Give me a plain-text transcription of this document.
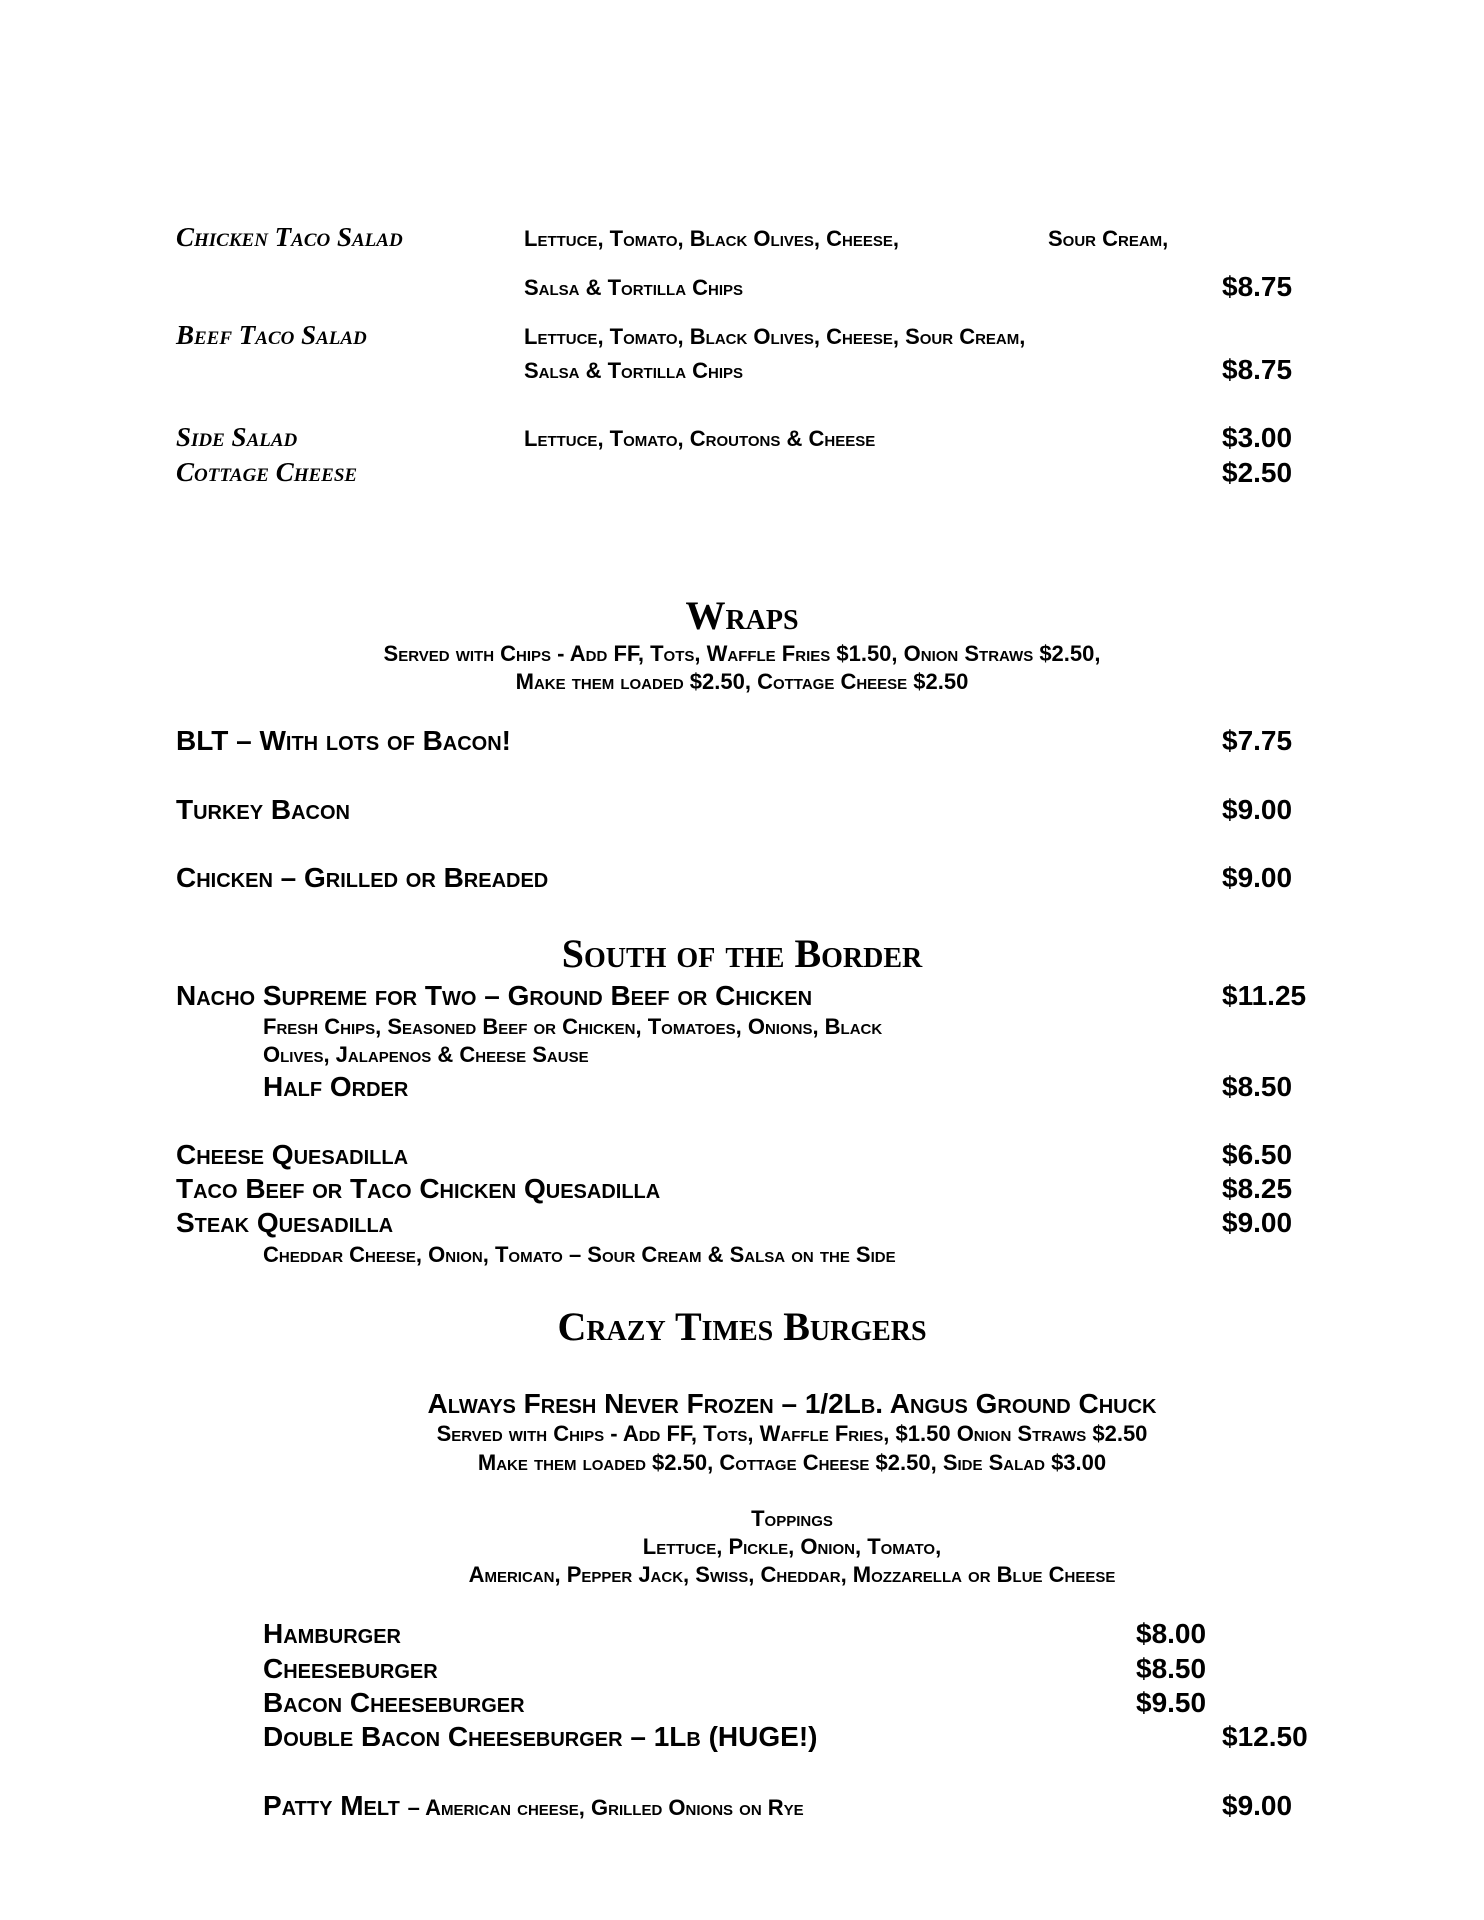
Chicken Taco Salad	Lettuce, Tomato, Black Olives, Cheese,	Sour Cream,
Salsa & Tortilla Chips	$8.75
Beef Taco Salad	Lettuce, Tomato, Black Olives, Cheese, Sour Cream,
Salsa & Tortilla Chips	$8.75
Side Salad	Lettuce, Tomato, Croutons & Cheese	$3.00
Cottage Cheese	$2.50
Wraps
Served with Chips - Add FF, Tots, Waffle Fries $1.50, Onion Straws $2.50,
Make them loaded $2.50, Cottage Cheese $2.50
BLT – With lots of Bacon!	$7.75
Turkey Bacon	$9.00
Chicken – Grilled or Breaded	$9.00
South of the Border
Nacho Supreme for Two – Ground Beef or Chicken	$11.25
Fresh Chips, Seasoned Beef or Chicken, Tomatoes, Onions, Black
Olives, Jalapenos & Cheese Sause
Half Order	$8.50
Cheese Quesadilla	$6.50
Taco Beef or Taco Chicken Quesadilla	$8.25
Steak Quesadilla	$9.00
Cheddar Cheese, Onion, Tomato – Sour Cream & Salsa on the Side
Crazy Times Burgers
Always Fresh Never Frozen – 1/2Lb. Angus Ground Chuck
Served with Chips - Add FF, Tots, Waffle Fries, $1.50 Onion Straws $2.50
Make them loaded $2.50, Cottage Cheese $2.50, Side Salad $3.00
Toppings
Lettuce, Pickle, Onion, Tomato,
American, Pepper Jack, Swiss, Cheddar, Mozzarella or Blue Cheese
Hamburger	$8.00
Cheeseburger	$8.50
Bacon Cheeseburger	$9.50
Double Bacon Cheeseburger – 1Lb (HUGE!)	$12.50
Patty Melt – American cheese, Grilled Onions on Rye	$9.00
